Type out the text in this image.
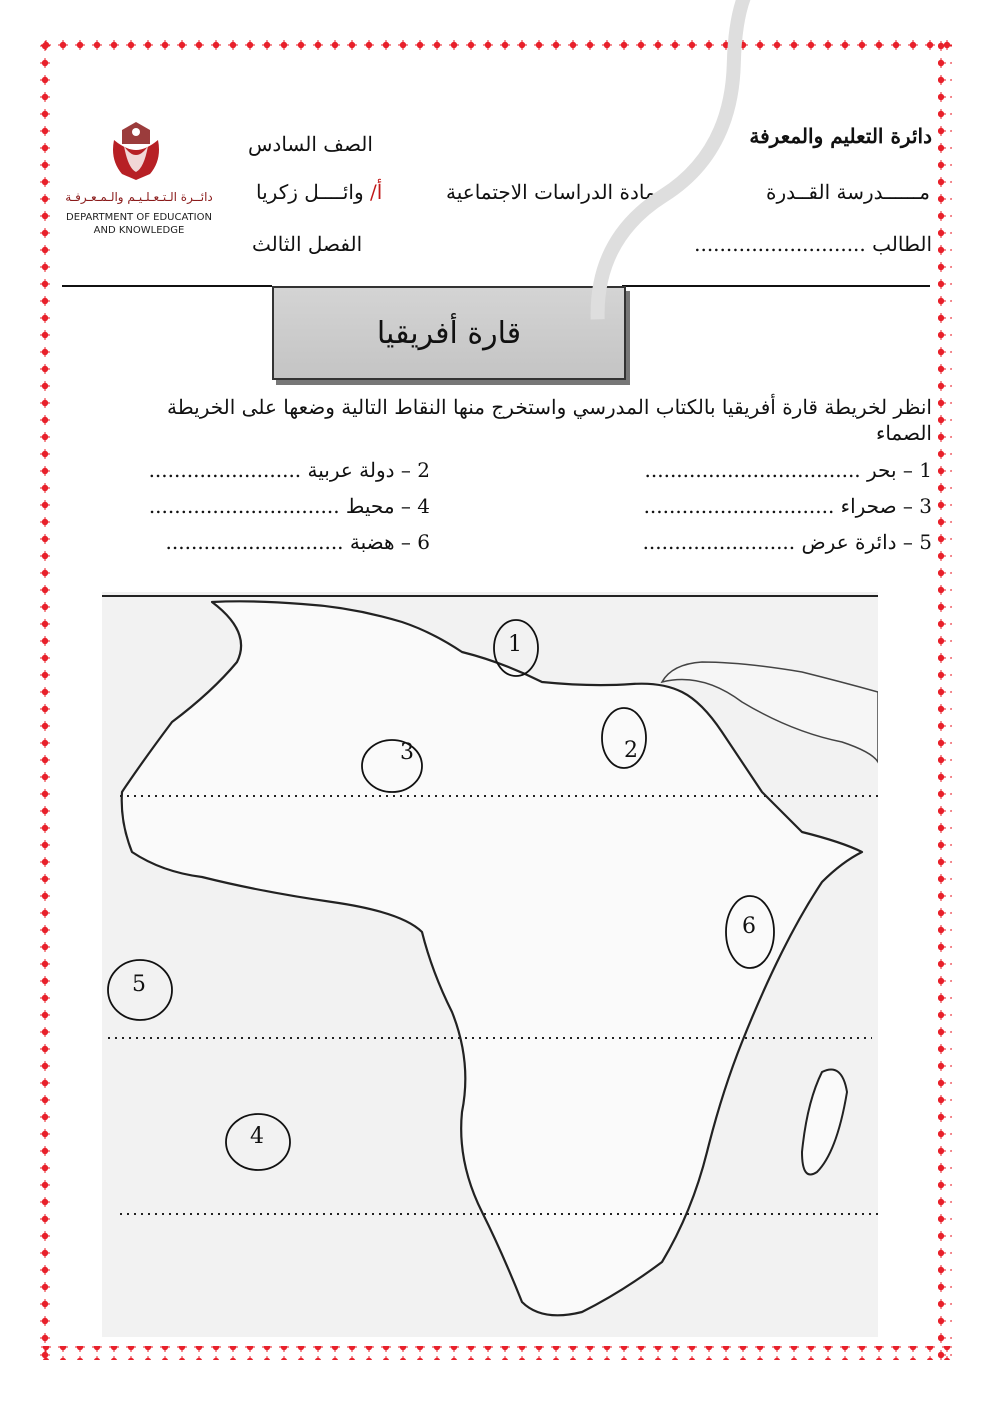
دائرة التعليم والمعرفة
مــــــدرسة القــدرة
مادة الدراسات الاجتماعية
الصف السادس
أ/ وائــــل زكريا
الطالب ...........................
الفصل الثالث
دائــرة الـتـعـلـيـم والـمـعـرفـة
DEPARTMENT OF EDUCATION
AND KNOWLEDGE
قارة أفريقيا
انظر لخريطة قارة أفريقيا بالكتاب المدرسي واستخرج منها النقاط التالية وضعها على الخريطة الصماء
1 – بحر ..................................
2 – دولة عربية ........................
3 – صحراء ..............................
4 – محيط ..............................
5 – دائرة عرض ........................
6 – هضبة ............................
1
2
3
4
5
6
